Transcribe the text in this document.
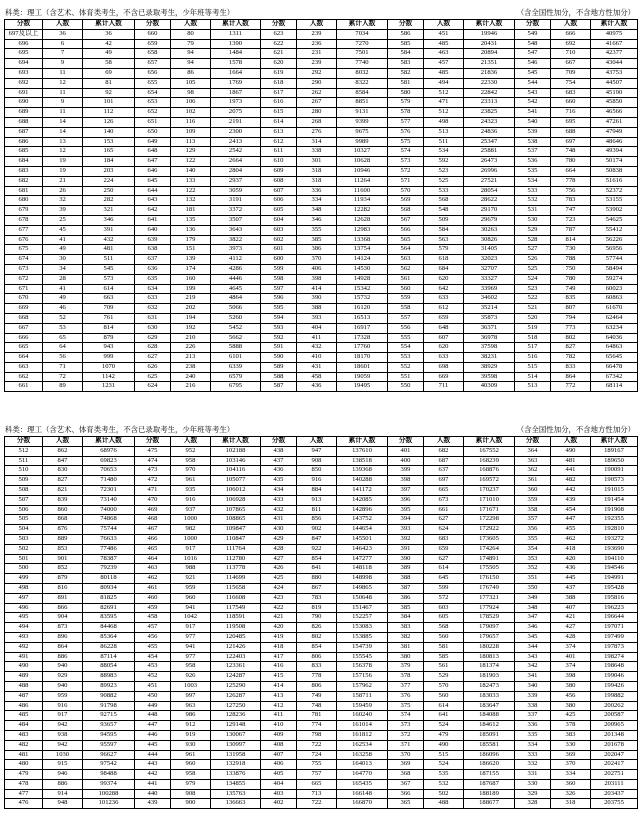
科类：理工（含艺术、体育类考生，不含已录取考生，少年班等考生）	（含全国性加分，不含地方性加分）
分数	人数	累计人数	分数	人数	累计人数	分数	人数	累计人数	分数	人数	累计人数	分数	人数	累计人数
697及以上	36	36	660	80	1311	623	239	7034	586	451	19946	549	666	40975
696	6	42	659	79	1390	622	236	7270	585	485	20431	548	692	41667
695	7	49	658	94	1484	621	231	7501	584	463	20894	547	710	42377
694	9	58	657	94	1578	620	239	7740	583	457	21351	546	667	43044
693	11	69	656	86	1664	619	292	8032	582	485	21836	545	709	43753
692	12	81	655	105	1769	618	290	8322	581	494	22330	544	754	44507
691	11	92	654	98	1867	617	262	8584	580	512	22842	543	683	45190
690	9	101	653	106	1973	616	267	8851	579	471	23313	542	660	45850
689	11	112	652	102	2075	615	280	9131	578	512	23825	541	716	46566
688	14	126	651	116	2191	614	268	9399	577	498	24323	540	695	47261
687	14	140	650	109	2300	613	276	9675	576	513	24836	539	688	47949
686	13	153	649	113	2413	612	314	9989	575	511	25347	538	697	48646
685	12	165	648	129	2542	611	338	10327	574	534	25881	537	748	49394
684	19	184	647	122	2664	610	301	10628	573	592	26473	536	780	50174
683	19	203	646	140	2804	609	318	10946	572	523	26996	535	664	50838
682	21	224	645	133	2937	608	318	11264	571	525	27521	534	778	51616
681	26	250	644	122	3059	607	336	11600	570	533	28054	533	756	52372
680	32	282	643	132	3191	606	334	11934	569	568	28622	532	783	53155
679	39	321	642	181	3372	605	348	12282	568	548	29170	531	747	53902
678	25	346	641	135	3507	604	346	12628	567	509	29679	530	723	54625
677	45	391	640	136	3643	603	355	12983	566	584	30263	529	787	55412
676	41	432	639	179	3822	602	385	13368	565	563	30826	528	814	56226
675	49	481	638	151	3973	601	386	13754	564	579	31405	527	730	56956
674	30	511	637	139	4112	600	370	14124	563	618	32023	526	788	57744
673	34	545	636	174	4286	599	406	14530	562	684	32707	525	750	58494
672	28	573	635	160	4446	598	398	14928	561	620	33327	524	780	59274
671	41	614	634	199	4645	597	414	15342	560	642	33969	523	749	60023
670	49	663	633	219	4864	596	390	15732	559	633	34602	522	835	60863
669	46	709	632	202	5066	595	388	16120	558	612	35214	521	807	61670
668	52	761	631	194	5260	594	393	16513	557	659	35873	520	794	62464
667	53	814	630	192	5452	593	404	16917	556	648	36371	519	773	63234
666	65	879	629	210	5662	592	411	17328	555	607	36978	518	802	64036
665	64	943	628	226	5888	591	432	17760	554	620	37598	517	827	64863
664	56	999	627	213	6101	590	410	18170	553	633	38231	516	782	65645
663	71	1070	626	238	6339	589	431	18601	552	698	38929	515	833	66478
662	72	1142	625	240	6579	588	458	19059	551	669	39598	514	864	67342
661	89	1231	624	216	6795	587	436	19495	550	711	40309	513	772	68114
科类：理工（含艺术、体育类考生，不含已录取考生，少年班等考生）	（含全国性加分，不含地方性加分）
分数	人数	累计人数	分数	人数	累计人数	分数	人数	累计人数	分数	人数	累计人数	分数	人数	累计人数
512	862	68976	475	952	102188	438	947	137610	401	682	167552	364	490	189167
511	847	69823	474	958	103146	437	908	138518	400	687	168239	363	481	189650
510	830	70653	473	970	104116	436	850	139368	399	637	168876	362	441	190091
509	827	71480	472	961	105077	435	916	140288	398	697	169572	361	482	190573
508	821	72301	471	935	106012	434	884	141172	397	665	170237	360	442	191015
507	839	73140	470	916	106928	433	913	142085	396	673	171010	359	439	191454
506	860	74000	469	937	107865	432	811	142896	395	661	171671	358	454	191908
505	868	74868	468	1000	108865	431	856	143752	394	627	172298	357	447	192355
504	876	75744	467	982	109847	430	902	144654	393	624	172922	356	455	192810
503	889	76633	466	1000	110847	429	847	145501	392	683	173605	355	462	193272
502	853	77486	465	917	111764	428	922	146423	391	659	174264	354	418	193690
501	901	78387	464	1016	112780	427	854	147277	390	627	174891	353	420	194110
500	852	79239	463	988	113778	426	841	148118	389	614	175505	352	436	194546
499	879	80118	462	921	114699	425	880	148998	388	645	176150	351	445	194991
498	816	80934	461	959	115658	424	867	149865	387	599	176749	350	437	195428
497	891	81825	460	960	116608	423	783	150648	386	572	177321	349	388	195816
496	866	82691	459	941	117549	422	819	151467	385	603	177924	348	407	196223
495	904	83595	458	1042	118591	421	790	152257	384	605	178529	347	421	196644
494	873	84468	457	917	119508	420	826	153083	383	568	179097	346	427	197071
493	896	85364	456	977	120485	419	802	153885	382	560	179657	345	428	197499
492	864	86228	455	941	121426	418	854	154739	381	581	180228	344	374	197873
491	886	87114	454	977	122403	417	806	155545	380	585	180813	343	401	198274
490	940	88054	453	958	123361	416	833	156378	379	561	181374	342	374	198648
489	929	88983	452	926	124287	415	778	157156	378	529	181903	341	398	199046
488	940	89923	451	1003	125290	414	806	157962	377	570	182473	340	380	199426
487	959	90882	450	997	126287	413	749	158711	376	560	183033	339	456	199882
486	916	91798	449	963	127250	412	748	159459	375	614	183647	338	380	200262
485	917	92715	448	986	128236	411	781	160240	374	641	184088	337	425	200587
484	942	93657	447	912	129148	410	774	161014	373	524	184612	336	378	200965
483	938	94595	446	919	130067	409	798	161812	372	479	185091	335	383	201348
482	942	95597	445	930	130997	408	722	162534	371	490	185581	334	330	201678
481	1030	96627	444	961	131958	407	724	163258	370	515	186096	333	369	202047
480	915	97542	443	960	132918	406	755	164013	369	524	186620	332	370	202417
479	946	98488	442	958	133876	405	757	164770	368	535	187155	331	334	202751
478	886	99374	441	979	134855	404	665	165435	367	532	187687	330	360	203111
477	914	100288	440	908	135763	403	713	166148	366	502	188189	329	326	203437
476	948	101236	439	900	136663	402	722	166870	365	488	188677	328	318	203755
